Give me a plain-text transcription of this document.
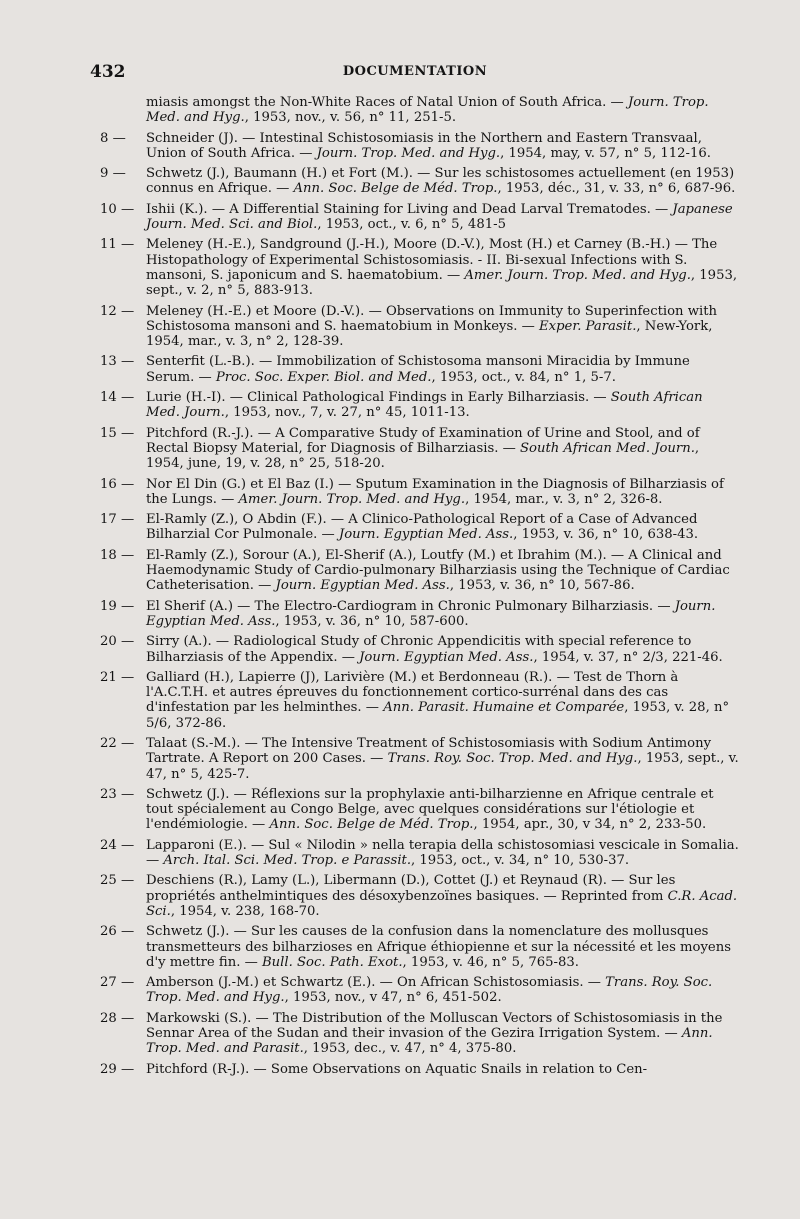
432	DOCUMENTATION
miasis amongst the Non-White Races of Natal Union of South Africa. — Journ. Trop. Med. and Hyg., 1953, nov., v. 56, n° 11, 251-5.
8 — Schneider (J). — Intestinal Schistosomiasis in the Northern and Eastern Transvaal, Union of South Africa. — Journ. Trop. Med. and Hyg., 1954, may, v. 57, n° 5, 112-16.
9 — Schwetz (J.), Baumann (H.) et Fort (M.). — Sur les schistosomes actuellement (en 1953) connus en Afrique. — Ann. Soc. Belge de Méd. Trop., 1953, déc., 31, v. 33, n° 6, 687-96.
10 — Ishii (K.). — A Differential Staining for Living and Dead Larval Trematodes. — Japanese Journ. Med. Sci. and Biol., 1953, oct., v. 6, n° 5, 481-5
11 — Meleney (H.-E.), Sandground (J.-H.), Moore (D.-V.), Most (H.) et Carney (B.-H.) — The Histopathology of Experimental Schistosomiasis. - II. Bi-sexual Infections with S. mansoni, S. japonicum and S. haematobium. — Amer. Journ. Trop. Med. and Hyg., 1953, sept., v. 2, n° 5, 883-913.
12 — Meleney (H.-E.) et Moore (D.-V.). — Observations on Immunity to Superinfection with Schistosoma mansoni and S. haematobium in Monkeys. — Exper. Parasit., New-York, 1954, mar., v. 3, n° 2, 128-39.
13 — Senterfit (L.-B.). — Immobilization of Schistosoma mansoni Miracidia by Immune Serum. — Proc. Soc. Exper. Biol. and Med., 1953, oct., v. 84, n° 1, 5-7.
14 — Lurie (H.-I). — Clinical Pathological Findings in Early Bilharziasis. — South African Med. Journ., 1953, nov., 7, v. 27, n° 45, 1011-13.
15 — Pitchford (R.-J.). — A Comparative Study of Examination of Urine and Stool, and of Rectal Biopsy Material, for Diagnosis of Bilharziasis. — South African Med. Journ., 1954, june, 19, v. 28, n° 25, 518-20.
16 — Nor El Din (G.) et El Baz (I.) — Sputum Examination in the Diagnosis of Bilharziasis of the Lungs. — Amer. Journ. Trop. Med. and Hyg., 1954, mar., v. 3, n° 2, 326-8.
17 — El-Ramly (Z.), O Abdin (F.). — A Clinico-Pathological Report of a Case of Advanced Bilharzial Cor Pulmonale. — Journ. Egyptian Med. Ass., 1953, v. 36, n° 10, 638-43.
18 — El-Ramly (Z.), Sorour (A.), El-Sherif (A.), Loutfy (M.) et Ibrahim (M.). — A Clinical and Haemodynamic Study of Cardio-pulmonary Bilharziasis using the Technique of Cardiac Catheterisation. — Journ. Egyptian Med. Ass., 1953, v. 36, n° 10, 567-86.
19 — El Sherif (A.) — The Electro-Cardiogram in Chronic Pulmonary Bilharziasis. — Journ. Egyptian Med. Ass., 1953, v. 36, n° 10, 587-600.
20 — Sirry (A.). — Radiological Study of Chronic Appendicitis with special reference to Bilharziasis of the Appendix. — Journ. Egyptian Med. Ass., 1954, v. 37, n° 2/3, 221-46.
21 — Galliard (H.), Lapierre (J), Larivière (M.) et Berdonneau (R.). — Test de Thorn à l'A.C.T.H. et autres épreuves du fonctionnement cortico-surrénal dans des cas d'infestation par les helminthes. — Ann. Parasit. Humaine et Comparée, 1953, v. 28, n° 5/6, 372-86.
22 — Talaat (S.-M.). — The Intensive Treatment of Schistosomiasis with Sodium Antimony Tartrate. A Report on 200 Cases. — Trans. Roy. Soc. Trop. Med. and Hyg., 1953, sept., v. 47, n° 5, 425-7.
23 — Schwetz (J.). — Réflexions sur la prophylaxie anti-bilharzienne en Afrique centrale et tout spécialement au Congo Belge, avec quelques considérations sur l'étiologie et l'endémiologie. — Ann. Soc. Belge de Méd. Trop., 1954, apr., 30, v 34, n° 2, 233-50.
24 — Lapparoni (E.). — Sul « Nilodin » nella terapia della schistosomiasi vescicale in Somalia. — Arch. Ital. Sci. Med. Trop. e Parassit., 1953, oct., v. 34, n° 10, 530-37.
25 — Deschiens (R.), Lamy (L.), Libermann (D.), Cottet (J.) et Reynaud (R). — Sur les propriétés anthelmintiques des désoxybenzoïnes basiques. — Reprinted from C.R. Acad. Sci., 1954, v. 238, 168-70.
26 — Schwetz (J.). — Sur les causes de la confusion dans la nomenclature des mollusques transmetteurs des bilharzioses en Afrique éthiopienne et sur la nécessité et les moyens d'y mettre fin. — Bull. Soc. Path. Exot., 1953, v. 46, n° 5, 765-83.
27 — Amberson (J.-M.) et Schwartz (E.). — On African Schistosomiasis. — Trans. Roy. Soc. Trop. Med. and Hyg., 1953, nov., v 47, n° 6, 451-502.
28 — Markowski (S.). — The Distribution of the Molluscan Vectors of Schistosomiasis in the Sennar Area of the Sudan and their invasion of the Gezira Irrigation System. — Ann. Trop. Med. and Parasit., 1953, dec., v. 47, n° 4, 375-80.
29 — Pitchford (R-J.). — Some Observations on Aquatic Snails in relation to Cen-
